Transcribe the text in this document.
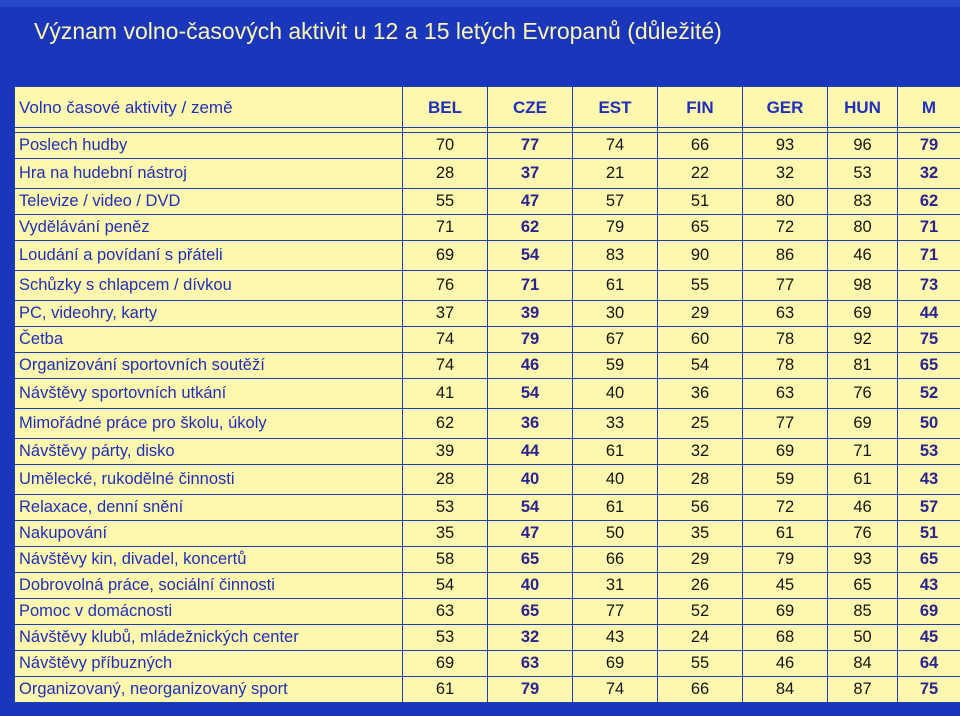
Význam volno-časových aktivit u 12 a 15 letých Evropanů (důležité)
Volno časové aktivity / země	BEL	CZE	EST	FIN	GER	HUN	M

Poslech hudby	70	77	74	66	93	96	79
Hra na hudební nástroj	28	37	21	22	32	53	32
Televize / video / DVD	55	47	57	51	80	83	62
Vydělávání peněz	71	62	79	65	72	80	71
Loudání a povídaní s přáteli	69	54	83	90	86	46	71
Schůzky s chlapcem / dívkou	76	71	61	55	77	98	73
PC, videohry, karty	37	39	30	29	63	69	44
Četba	74	79	67	60	78	92	75
Organizování sportovních soutěží	74	46	59	54	78	81	65
Návštěvy sportovních utkání	41	54	40	36	63	76	52
Mimořádné práce pro školu, úkoly	62	36	33	25	77	69	50
Návštěvy párty, disko	39	44	61	32	69	71	53
Umělecké, rukodělné činnosti	28	40	40	28	59	61	43
Relaxace, denní snění	53	54	61	56	72	46	57
Nakupování	35	47	50	35	61	76	51
Návštěvy kin, divadel, koncertů	58	65	66	29	79	93	65
Dobrovolná práce, sociální činnosti	54	40	31	26	45	65	43
Pomoc v domácnosti	63	65	77	52	69	85	69
Návštěvy klubů, mládežnických center	53	32	43	24	68	50	45
Návštěvy příbuzných	69	63	69	55	46	84	64
Organizovaný, neorganizovaný sport	61	79	74	66	84	87	75
